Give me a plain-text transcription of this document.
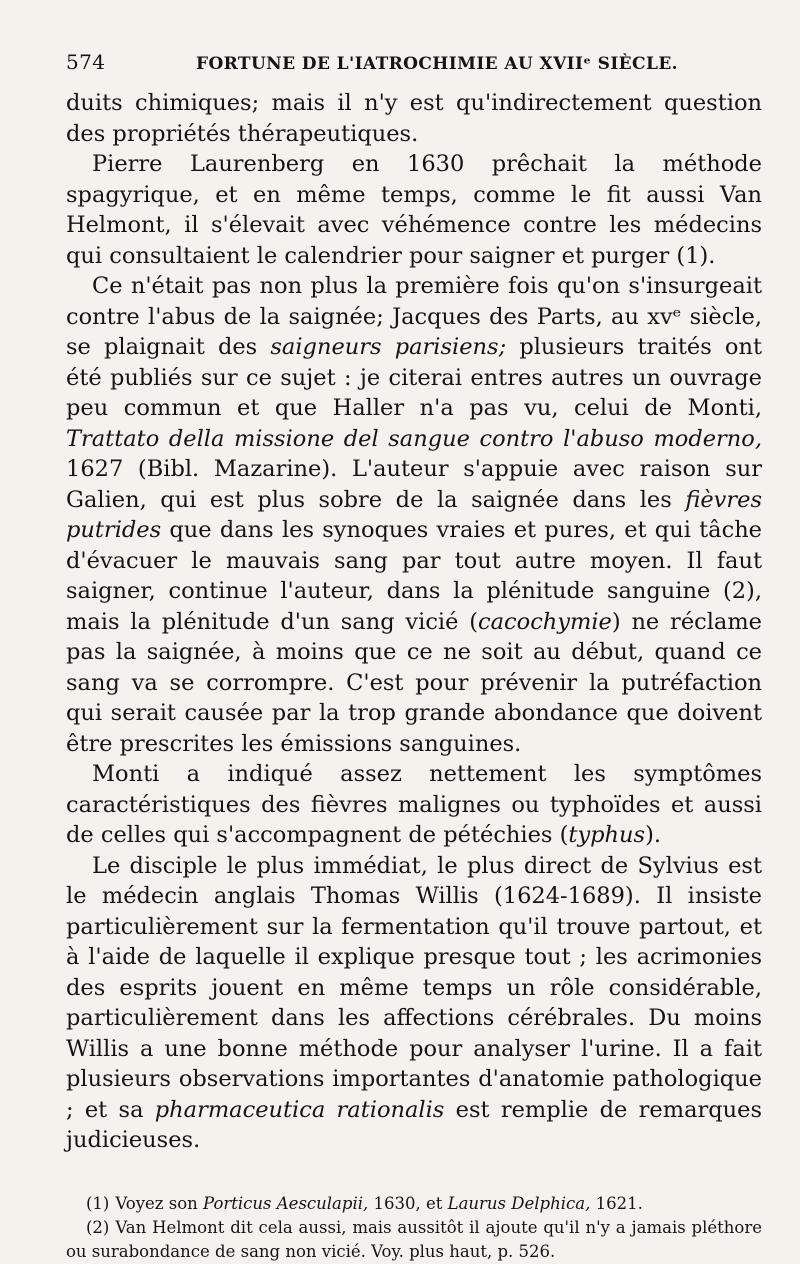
574	FORTUNE DE L'IATROCHIMIE AU XVIIᵉ SIÈCLE.

duits chimiques; mais il n'y est qu'indirectement question des propriétés thérapeutiques.

Pierre Laurenberg en 1630 prêchait la méthode spagyrique, et en même temps, comme le fit aussi Van Helmont, il s'élevait avec véhémence contre les médecins qui consultaient le calendrier pour saigner et purger (1).

Ce n'était pas non plus la première fois qu'on s'insurgeait contre l'abus de la saignée; Jacques des Parts, au xvᵉ siècle, se plaignait des saigneurs parisiens; plusieurs traités ont été publiés sur ce sujet : je citerai entres autres un ouvrage peu commun et que Haller n'a pas vu, celui de Monti, Trattato della missione del sangue contro l'abuso moderno, 1627 (Bibl. Mazarine). L'auteur s'appuie avec raison sur Galien, qui est plus sobre de la saignée dans les fièvres putrides que dans les synoques vraies et pures, et qui tâche d'évacuer le mauvais sang par tout autre moyen. Il faut saigner, continue l'auteur, dans la plénitude sanguine (2), mais la plénitude d'un sang vicié (cacochymie) ne réclame pas la saignée, à moins que ce ne soit au début, quand ce sang va se corrompre. C'est pour prévenir la putréfaction qui serait causée par la trop grande abondance que doivent être prescrites les émissions sanguines.

Monti a indiqué assez nettement les symptômes caractéristiques des fièvres malignes ou typhoïdes et aussi de celles qui s'accompagnent de pétéchies (typhus).

Le disciple le plus immédiat, le plus direct de Sylvius est le médecin anglais Thomas Willis (1624-1689). Il insiste particulièrement sur la fermentation qu'il trouve partout, et à l'aide de laquelle il explique presque tout ; les acrimonies des esprits jouent en même temps un rôle considérable, particulièrement dans les affections cérébrales. Du moins Willis a une bonne méthode pour analyser l'urine. Il a fait plusieurs observations importantes d'anatomie pathologique ; et sa pharmaceutica rationalis est remplie de remarques judicieuses.

(1) Voyez son Porticus Aesculapii, 1630, et Laurus Delphica, 1621.

(2) Van Helmont dit cela aussi, mais aussitôt il ajoute qu'il n'y a jamais pléthore ou surabondance de sang non vicié. Voy. plus haut, p. 526.
